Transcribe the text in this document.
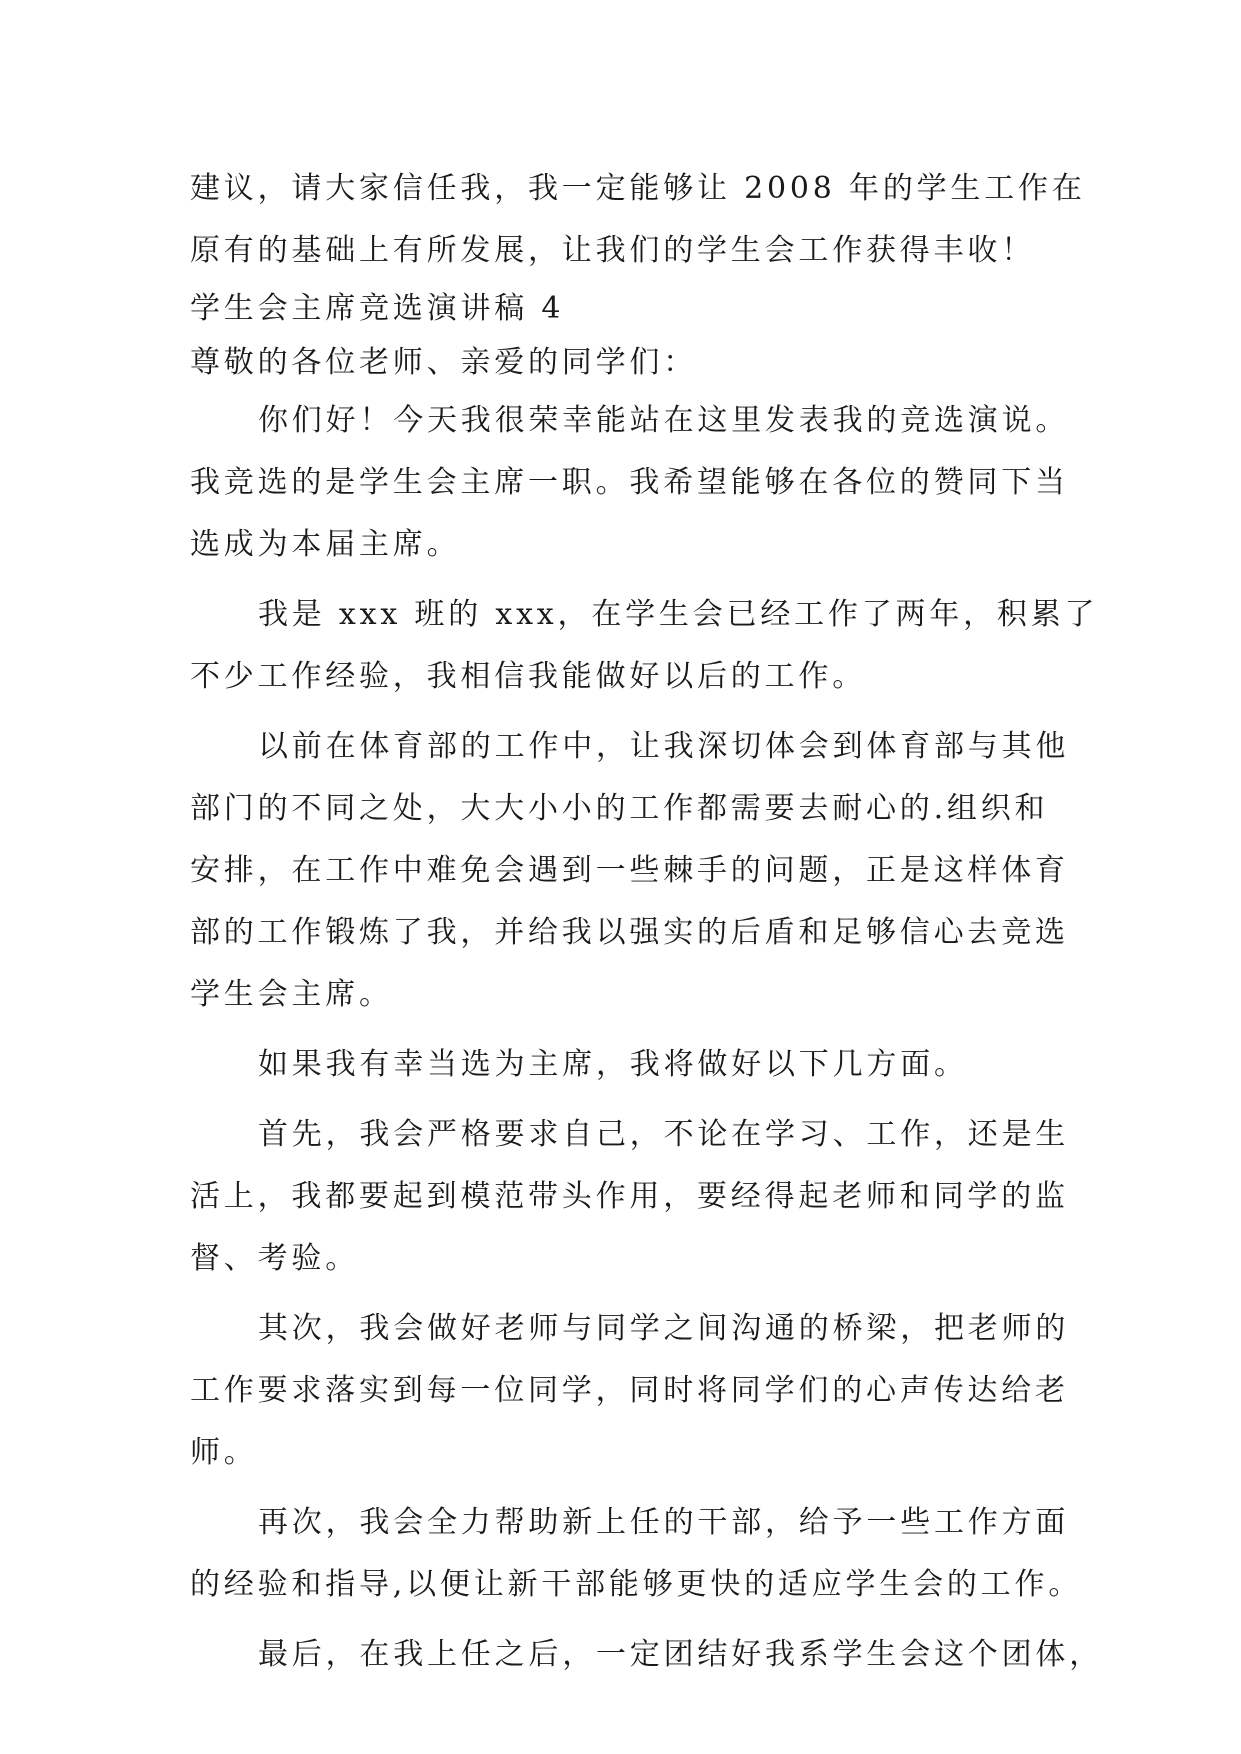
建议，请大家信任我，我一定能够让 2008 年的学生工作在
原有的基础上有所发展，让我们的学生会工作获得丰收！
学生会主席竞选演讲稿 4
尊敬的各位老师、亲爱的同学们：
你们好！今天我很荣幸能站在这里发表我的竞选演说。
我竞选的是学生会主席一职。我希望能够在各位的赞同下当
选成为本届主席。
我是 xxx 班的 xxx，在学生会已经工作了两年，积累了
不少工作经验，我相信我能做好以后的工作。
以前在体育部的工作中，让我深切体会到体育部与其他
部门的不同之处，大大小小的工作都需要去耐心的.组织和
安排，在工作中难免会遇到一些棘手的问题，正是这样体育
部的工作锻炼了我，并给我以强实的后盾和足够信心去竞选
学生会主席。
如果我有幸当选为主席，我将做好以下几方面。
首先，我会严格要求自己，不论在学习、工作，还是生
活上，我都要起到模范带头作用，要经得起老师和同学的监
督、考验。
其次，我会做好老师与同学之间沟通的桥梁，把老师的
工作要求落实到每一位同学，同时将同学们的心声传达给老
师。
再次，我会全力帮助新上任的干部，给予一些工作方面
的经验和指导,以便让新干部能够更快的适应学生会的工作。
最后，在我上任之后，一定团结好我系学生会这个团体，
